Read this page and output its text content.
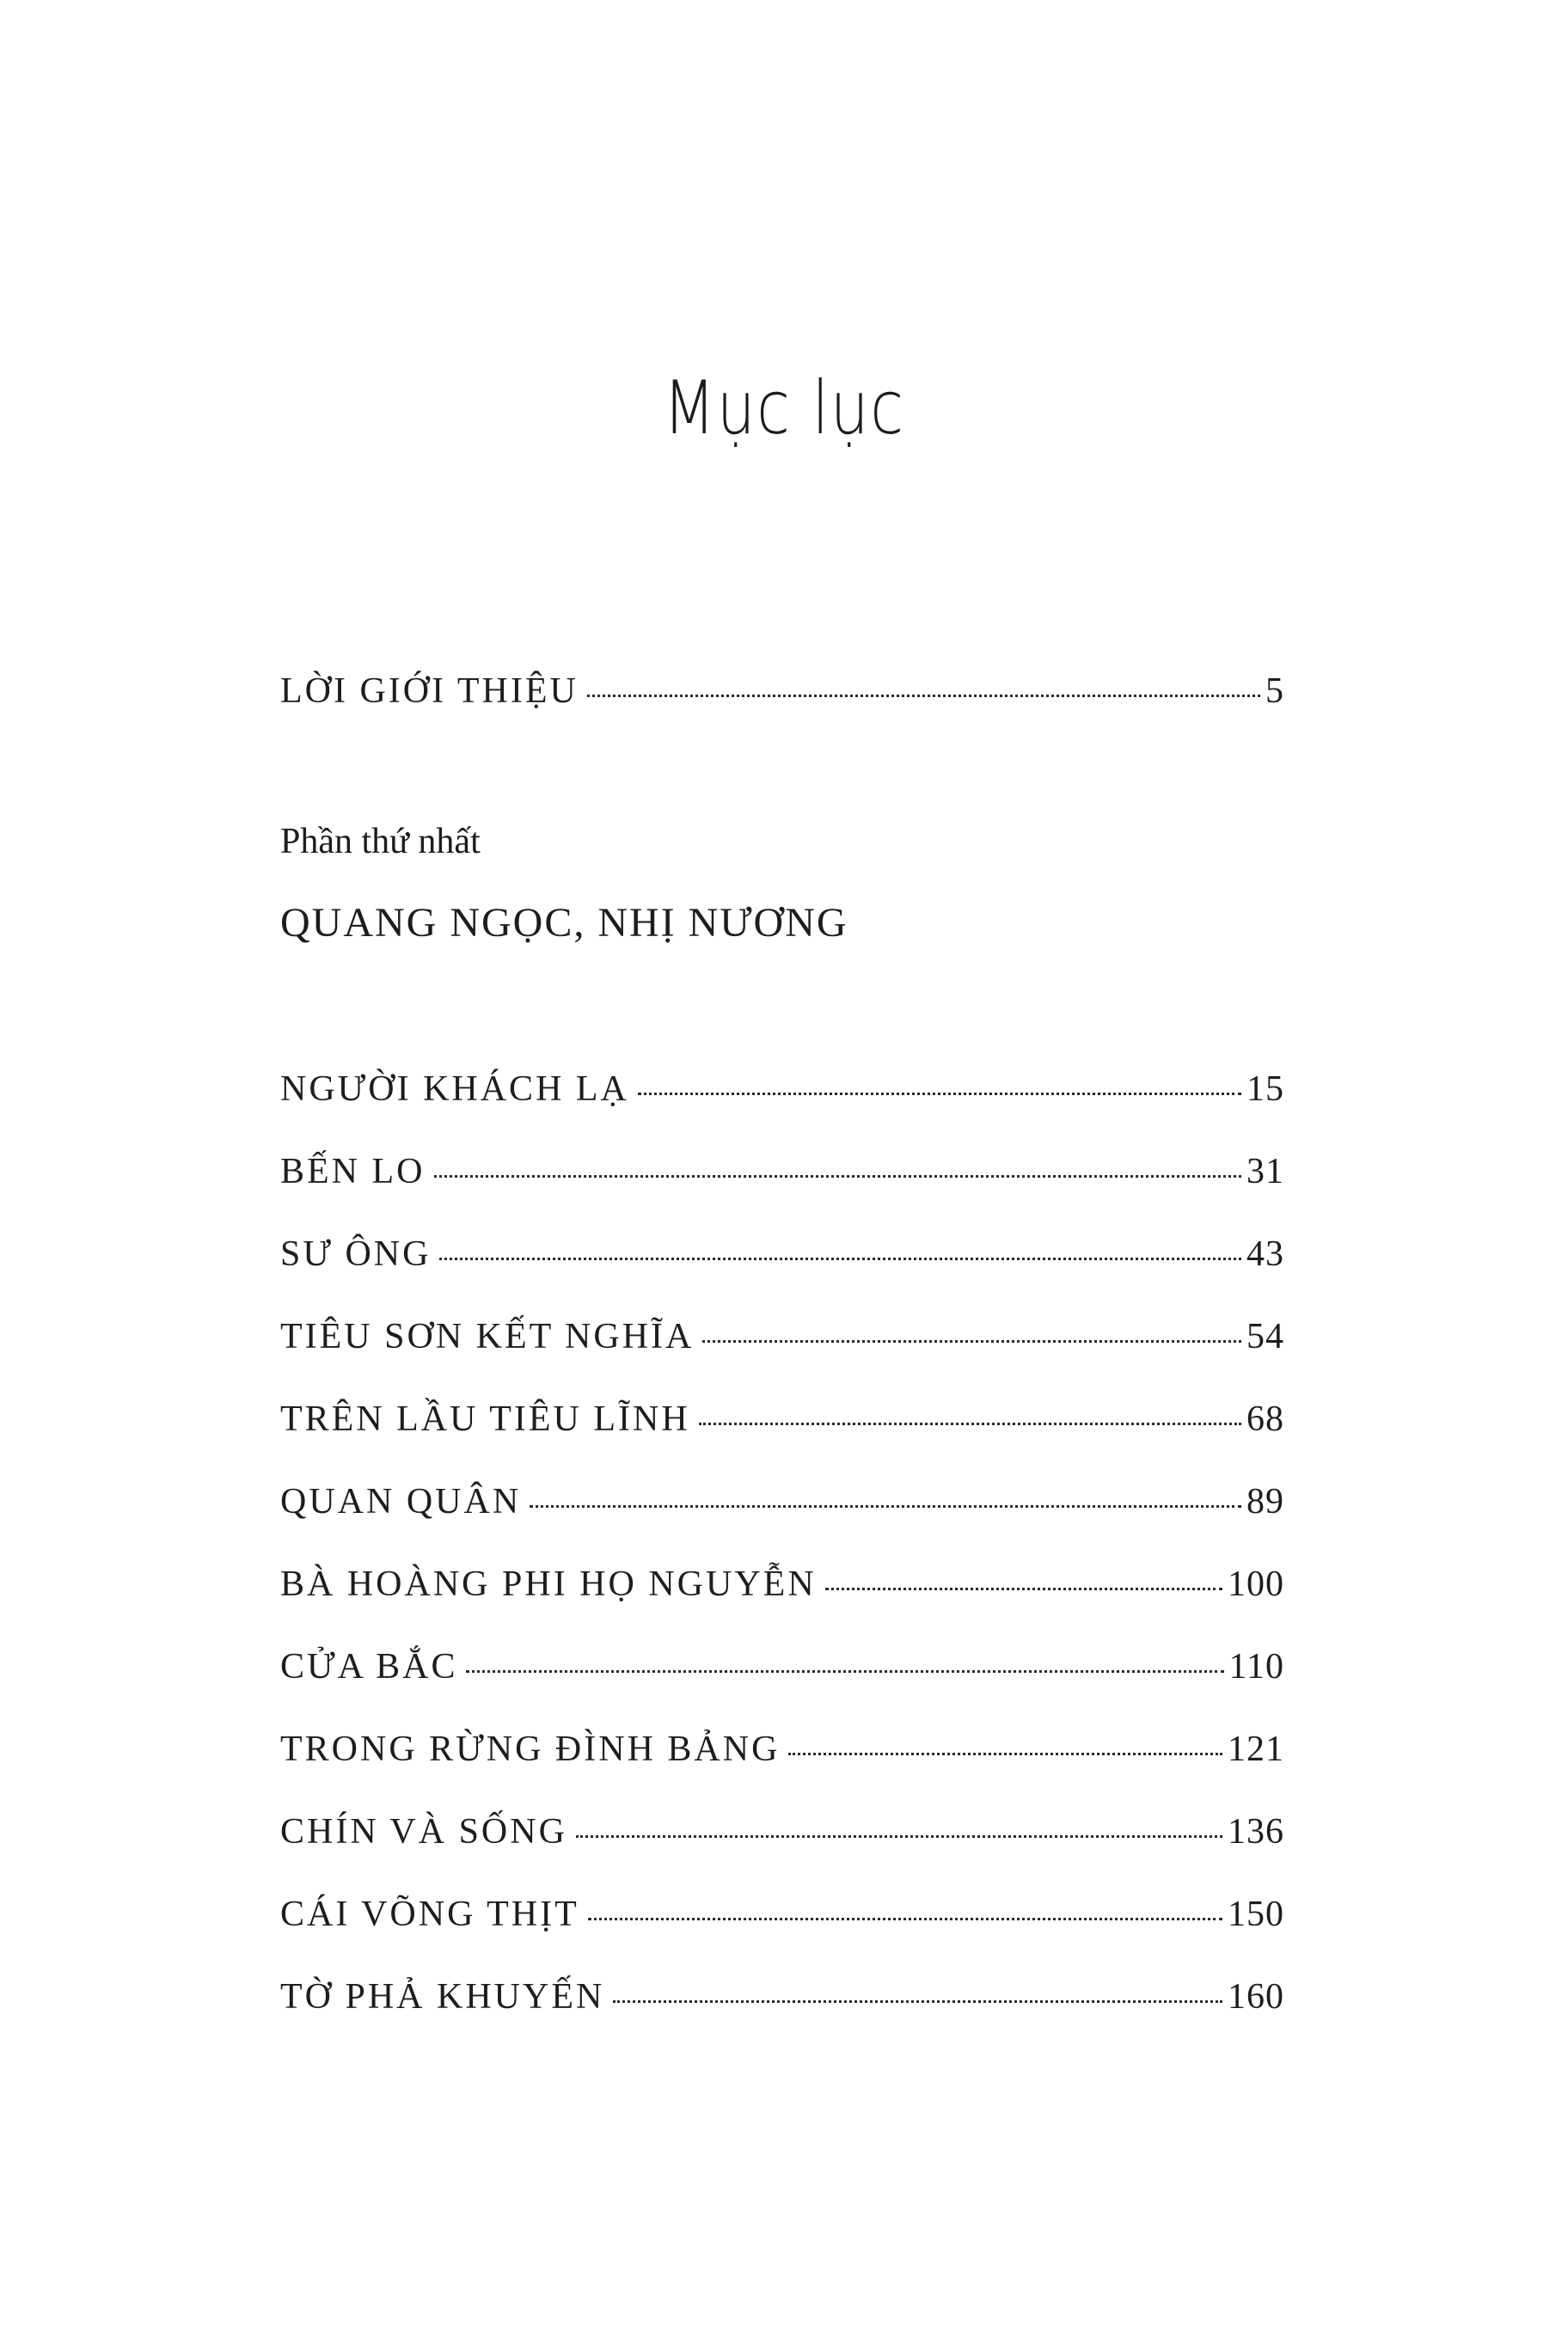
Mục lục
LỜI GIỚI THIỆU	5
Phần thứ nhất
QUANG NGỌC, NHỊ NƯƠNG
NGƯỜI KHÁCH LẠ	15
BẾN LO	31
SƯ ÔNG	43
TIÊU SƠN KẾT NGHĨA	54
TRÊN LẦU TIÊU LĨNH	68
QUAN QUÂN	89
BÀ HOÀNG PHI HỌ NGUYỄN	100
CỬA BẮC	110
TRONG RỪNG ĐÌNH BẢNG	121
CHÍN VÀ SỐNG	136
CÁI VÕNG THỊT	150
TỜ PHẢ KHUYẾN	160
